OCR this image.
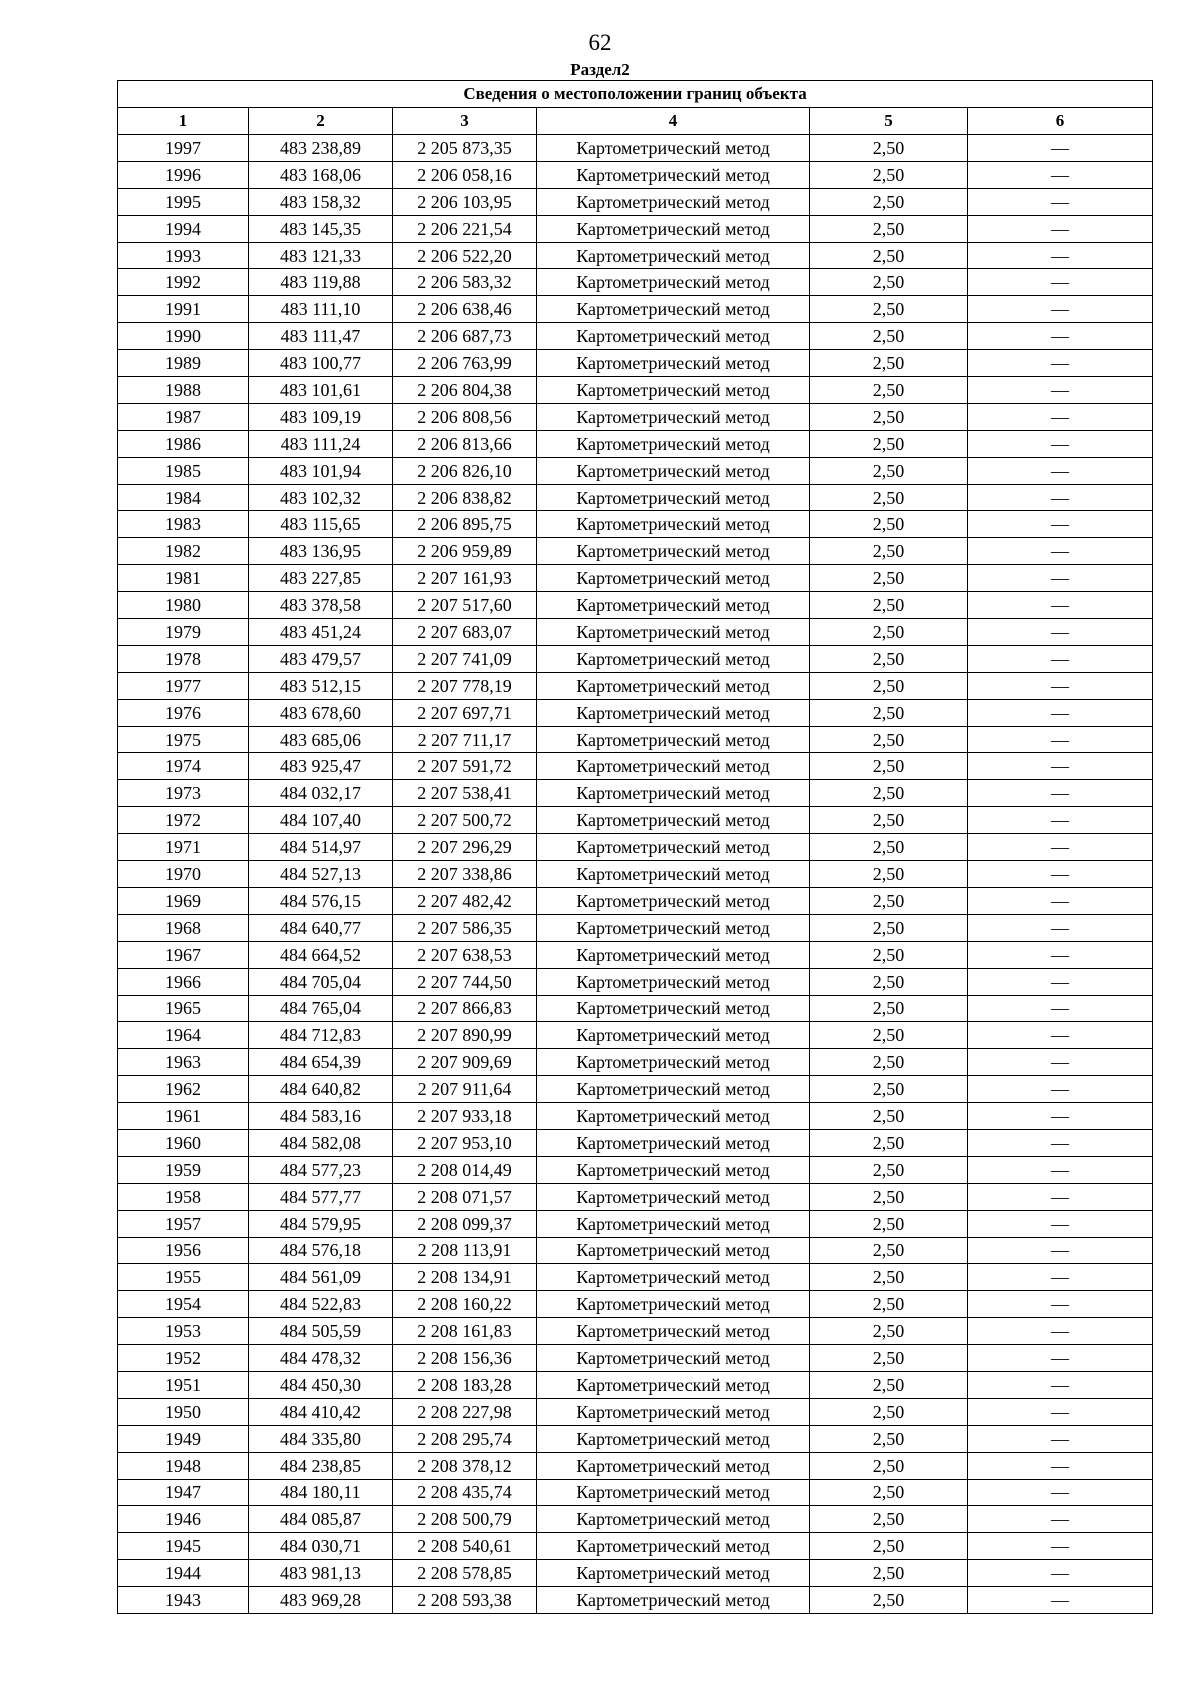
62
Раздел2
Сведения о местоположении границ объекта					
1	2	3	4	5	6
1997	483 238,89	2 205 873,35	Картометрический метод	2,50	—
1996	483 168,06	2 206 058,16	Картометрический метод	2,50	—
1995	483 158,32	2 206 103,95	Картометрический метод	2,50	—
1994	483 145,35	2 206 221,54	Картометрический метод	2,50	—
1993	483 121,33	2 206 522,20	Картометрический метод	2,50	—
1992	483 119,88	2 206 583,32	Картометрический метод	2,50	—
1991	483 111,10	2 206 638,46	Картометрический метод	2,50	—
1990	483 111,47	2 206 687,73	Картометрический метод	2,50	—
1989	483 100,77	2 206 763,99	Картометрический метод	2,50	—
1988	483 101,61	2 206 804,38	Картометрический метод	2,50	—
1987	483 109,19	2 206 808,56	Картометрический метод	2,50	—
1986	483 111,24	2 206 813,66	Картометрический метод	2,50	—
1985	483 101,94	2 206 826,10	Картометрический метод	2,50	—
1984	483 102,32	2 206 838,82	Картометрический метод	2,50	—
1983	483 115,65	2 206 895,75	Картометрический метод	2,50	—
1982	483 136,95	2 206 959,89	Картометрический метод	2,50	—
1981	483 227,85	2 207 161,93	Картометрический метод	2,50	—
1980	483 378,58	2 207 517,60	Картометрический метод	2,50	—
1979	483 451,24	2 207 683,07	Картометрический метод	2,50	—
1978	483 479,57	2 207 741,09	Картометрический метод	2,50	—
1977	483 512,15	2 207 778,19	Картометрический метод	2,50	—
1976	483 678,60	2 207 697,71	Картометрический метод	2,50	—
1975	483 685,06	2 207 711,17	Картометрический метод	2,50	—
1974	483 925,47	2 207 591,72	Картометрический метод	2,50	—
1973	484 032,17	2 207 538,41	Картометрический метод	2,50	—
1972	484 107,40	2 207 500,72	Картометрический метод	2,50	—
1971	484 514,97	2 207 296,29	Картометрический метод	2,50	—
1970	484 527,13	2 207 338,86	Картометрический метод	2,50	—
1969	484 576,15	2 207 482,42	Картометрический метод	2,50	—
1968	484 640,77	2 207 586,35	Картометрический метод	2,50	—
1967	484 664,52	2 207 638,53	Картометрический метод	2,50	—
1966	484 705,04	2 207 744,50	Картометрический метод	2,50	—
1965	484 765,04	2 207 866,83	Картометрический метод	2,50	—
1964	484 712,83	2 207 890,99	Картометрический метод	2,50	—
1963	484 654,39	2 207 909,69	Картометрический метод	2,50	—
1962	484 640,82	2 207 911,64	Картометрический метод	2,50	—
1961	484 583,16	2 207 933,18	Картометрический метод	2,50	—
1960	484 582,08	2 207 953,10	Картометрический метод	2,50	—
1959	484 577,23	2 208 014,49	Картометрический метод	2,50	—
1958	484 577,77	2 208 071,57	Картометрический метод	2,50	—
1957	484 579,95	2 208 099,37	Картометрический метод	2,50	—
1956	484 576,18	2 208 113,91	Картометрический метод	2,50	—
1955	484 561,09	2 208 134,91	Картометрический метод	2,50	—
1954	484 522,83	2 208 160,22	Картометрический метод	2,50	—
1953	484 505,59	2 208 161,83	Картометрический метод	2,50	—
1952	484 478,32	2 208 156,36	Картометрический метод	2,50	—
1951	484 450,30	2 208 183,28	Картометрический метод	2,50	—
1950	484 410,42	2 208 227,98	Картометрический метод	2,50	—
1949	484 335,80	2 208 295,74	Картометрический метод	2,50	—
1948	484 238,85	2 208 378,12	Картометрический метод	2,50	—
1947	484 180,11	2 208 435,74	Картометрический метод	2,50	—
1946	484 085,87	2 208 500,79	Картометрический метод	2,50	—
1945	484 030,71	2 208 540,61	Картометрический метод	2,50	—
1944	483 981,13	2 208 578,85	Картометрический метод	2,50	—
1943	483 969,28	2 208 593,38	Картометрический метод	2,50	—
